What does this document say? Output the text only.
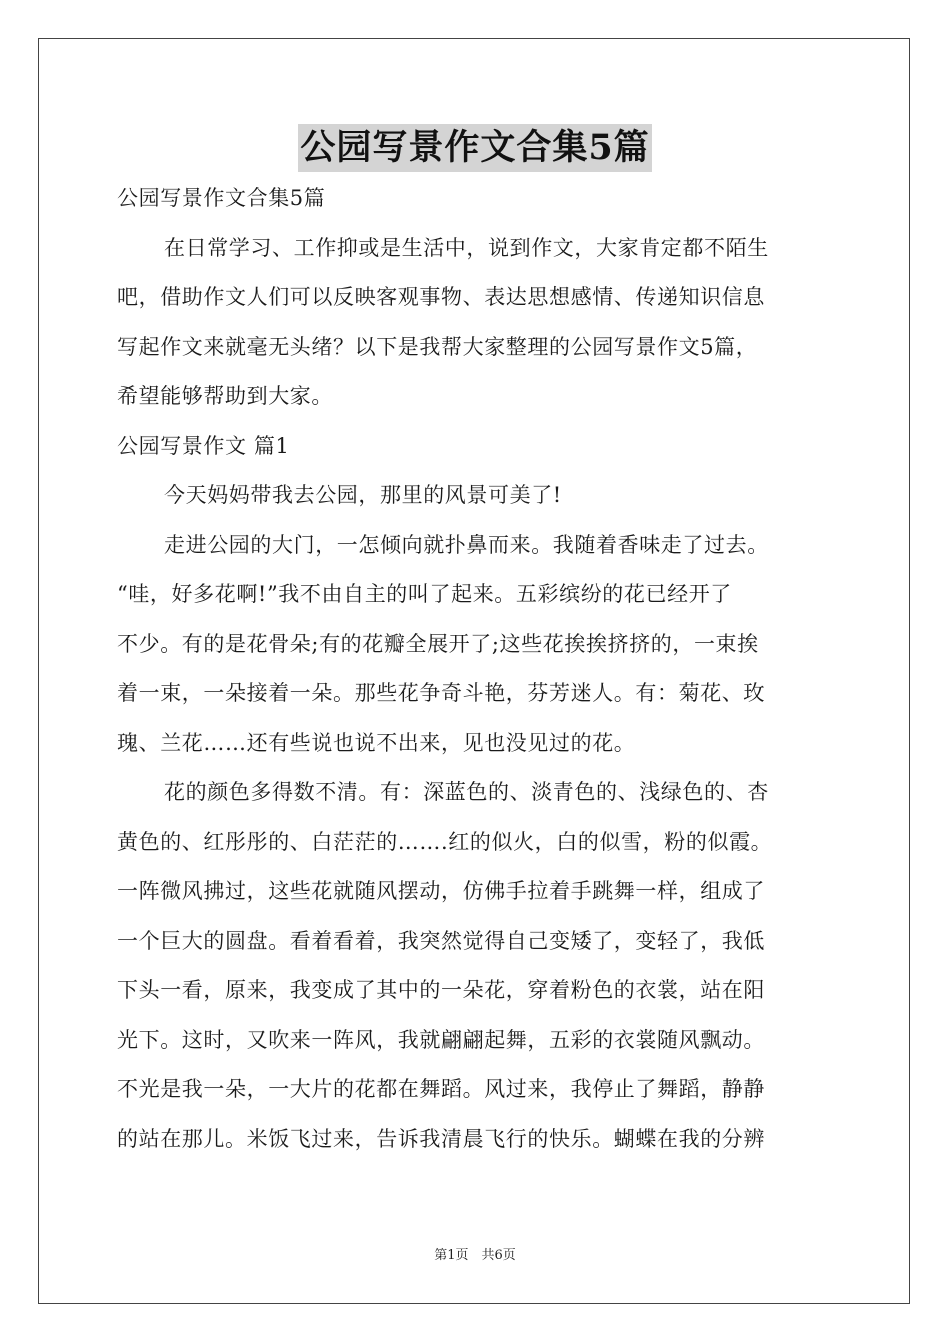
公园写景作文合集5篇
公园写景作文合集5篇
在日常学习、工作抑或是生活中，说到作文，大家肯定都不陌生
吧，借助作文人们可以反映客观事物、表达思想感情、传递知识信息
写起作文来就毫无头绪？以下是我帮大家整理的公园写景作文5篇，
希望能够帮助到大家。
公园写景作文 篇1
今天妈妈带我去公园，那里的风景可美了!
走进公园的大门，一怎倾向就扑鼻而来。我随着香味走了过去。
“哇，好多花啊!”我不由自主的叫了起来。五彩缤纷的花已经开了
不少。有的是花骨朵;有的花瓣全展开了;这些花挨挨挤挤的，一束挨
着一束，一朵接着一朵。那些花争奇斗艳，芬芳迷人。有：菊花、玫
瑰、兰花……还有些说也说不出来，见也没见过的花。
花的颜色多得数不清。有：深蓝色的、淡青色的、浅绿色的、杏
黄色的、红彤彤的、白茫茫的…….红的似火，白的似雪，粉的似霞。
一阵微风拂过，这些花就随风摆动，仿佛手拉着手跳舞一样，组成了
一个巨大的圆盘。看着看着，我突然觉得自己变矮了，变轻了，我低
下头一看，原来，我变成了其中的一朵花，穿着粉色的衣裳，站在阳
光下。这时，又吹来一阵风，我就翩翩起舞，五彩的衣裳随风飘动。
不光是我一朵，一大片的花都在舞蹈。风过来，我停止了舞蹈，静静
的站在那儿。米饭飞过来，告诉我清晨飞行的快乐。蝴蝶在我的分辨
第1页　共6页
